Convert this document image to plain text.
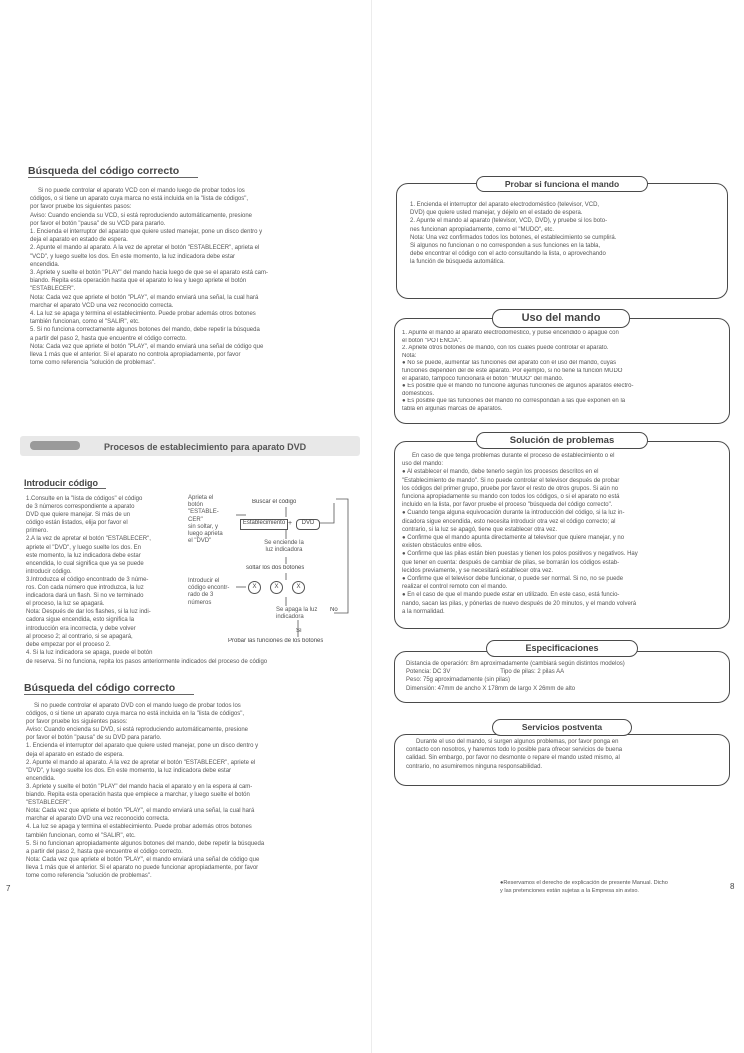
Búsqueda del código correcto
Si no puede controlar el aparato VCD con el mando luego de probar todos los
códigos, o si tiene un aparato cuya marca no está incluida en la "lista de códigos",
por favor pruebe los siguientes pasos:
Aviso: Cuando encienda su VCD, si está reproduciendo automáticamente, presione
por favor el botón "pausa" de su VCD para pararlo.
1. Encienda el interruptor del aparato que quiere usted manejar, pone un disco dentro y
deja el aparato en estado de espera.
2. Apunte el mando al aparato. A la vez de apretar el botón "ESTABLECER", aprieta el
"VCD", y luego suelte los dos. En este momento, la luz indicadora debe estar
encendida.
3. Apriete y suelte el botón "PLAY" del mando hacia luego de que se el aparato está cam-
biando. Repita esta operación hasta que el aparato lo lea y luego apriete el botón
"ESTABLECER".
Nota: Cada vez que apriete el botón "PLAY", el mando enviará una señal, la cual hará
marchar el aparato VCD una vez reconocido correcta.
4. La luz se apaga y termina el establecimiento. Puede probar además otros botones
también funcionan, como el "SALIR", etc.
5. Si no funciona correctamente algunos botones del mando, debe repetir la búsqueda
a partir del paso 2, hasta que encuentre el código correcto.
Nota: Cada vez que apriete el botón "PLAY", el mando enviará una señal de código que
lleva 1 más que el anterior. Si el aparato no controla apropiadamente, por favor
tome como referencia "solución de problemas".
Procesos de establecimiento para aparato DVD
Introducir código
1.Consulte en la "lista de códigos" el código
de 3 números correspondiente a aparato
DVD que quiere manejar. Si más de un
código están listados, elija por favor el
primero.
2.A la vez de apretar el botón "ESTABLECER",
apriete el "DVD", y luego suelte los dos. En
este momento, la luz indicadora debe estar
encendida, lo cual significa que ya se puede
introducir código.
3.Introduzca el código encontrado de 3 núme-
ros. Con cada número que introduzca, la luz
indicadora dará un flash. Si no ve terminado
el proceso, la luz se apagará.
Nota: Después de dar los flashes, si la luz indi-
cadora sigue encendida, esto significa la
introducción era incorrecta, y debe volver
al proceso 2; al contrario, si se apagará,
debe empezar por el proceso 2.
4. Si la luz indicadora se apaga, puede el botón
de reserva. Si no funciona, repita los pasos anteriormente indicados del proceso de código
Aprieta el
botón
"ESTABLE-
CER"
sin soltar, y
luego aprieta
el "DVD"
Introducir el
código encontr-
rado de 3
números
Buscar el código
Establecimiento +	DVD
Se enciende la
luz indicadora
soltar los dos botones
X	X	X
Se apaga la luz
indicadora
No
Sí
Probar las funciones de los botones
Búsqueda del código correcto
Si no puede controlar el aparato DVD con el mando luego de probar todos los
códigos, o si tiene un aparato cuya marca no está incluida en la "lista de códigos",
por favor pruebe los siguientes pasos:
Aviso: Cuando encienda su DVD, si está reproduciendo automáticamente, presione
por favor el botón "pausa" de su DVD para pararlo.
1. Encienda el interruptor del aparato que quiere usted manejar, pone un disco dentro y
deja el aparato en estado de espera.
2. Apunte el mando al aparato. A la vez de apretar el botón "ESTABLECER", apriete el
"DVD", y luego suelte los dos. En este momento, la luz indicadora debe estar
encendida.
3. Apriete y suelte el botón "PLAY" del mando hacia el aparato y en la espera al cam-
biando. Repita esta operación hasta que empiece a marchar, y luego suelte el botón
"ESTABLECER".
Nota: Cada vez que apriete el botón "PLAY", el mando enviará una señal, la cual hará
marchar el aparato DVD una vez reconocido correcta.
4. La luz se apaga y termina el establecimiento. Puede probar además otros botones
también funcionan, como el "SALIR", etc.
5. Si no funcionan apropiadamente algunos botones del mando, debe repetir la búsqueda
a partir del paso 2, hasta que encuentre el código correcto.
Nota: Cada vez que apriete el botón "PLAY", el mando enviará una señal de código que
lleva 1 más que el anterior. Si el aparato no puede funcionar apropiadamente, por favor
tome como referencia "solución de problemas".
7
Probar si funciona el mando
1. Encienda el interruptor del aparato electrodoméstico (televisor, VCD,
DVD) que quiere usted manejar, y déjelo en el estado de espera.
2. Apunte el mando al aparato (televisor, VCD, DVD), y pruebe si los boto-
nes funcionan apropiadamente, como el "MUDO", etc.
Nota: Una vez confirmados todos los botones, el establecimiento se cumplirá.
Si algunos no funcionan o no corresponden a sus funciones en la tabla,
debe encontrar el código con el acto consultando la lista, o aprovechando
la función de búsqueda automática.
Uso del mando
1. Apunte el mando al aparato electrodoméstico, y pulse encendido o apague con
el botón "POTENCIA".
2. Apriete otros botones de mando, con los cuales puede controlar el aparato.
Nota:
● No se puede, aumentar las funciones del aparato con el uso del mando, cuyas
funciones dependen del de este aparato. Por ejemplo, si no tiene la función MUDO
el aparato, tampoco funcionará el botón "MUDO" del mando.
● Es posible que el mando no funcione algunas funciones de algunos aparatos electró-
domésticos.
● Es posible que las funciones del mando no correspondan a las que exponen en la
tabla en algunas marcas de aparatos.
Solución de problemas
En caso de que tenga problemas durante el proceso de establecimiento o el
uso del mando:
● Al establecer el mando, debe tenerlo según los procesos descritos en el
"Establecimiento de mando". Si no puede controlar el televisor después de probar
los códigos del primer grupo, pruebe por favor el resto de otros grupos. Si aún no
funciona apropiadamente su mando con todos los códigos, o si el aparato no está
incluido en la lista, por favor pruebe el proceso "búsqueda del código correcto".
● Cuando tenga alguna equivocación durante la introducción del código, si la luz in-
dicadora sigue encendida, esto necesita introducir otra vez el código correcto; al
contrario, si la luz se apagó, tiene que establecer otra vez.
● Confirme que el mando apunta directamente al televisor que quiere manejar, y no
existen obstáculos entre ellos.
● Confirme que las pilas están bien puestas y tienen los polos positivos y negativos. Hay
que tener en cuenta: después de cambiar de pilas, se borrarán los códigos estab-
lecidos previamente, y se necesitará establecer otra vez.
● Confirme que el televisor debe funcionar, o puede ser normal. Si no, no se puede
realizar el control remoto con el mando.
● En el caso de que el mando puede estar en utilizado. En este caso, está funcio-
nando, sacan las pilas, y pónerlas de nuevo después de 20 minutos, y el mando volverá
a la normalidad.
Especificaciones
Distancia de operación: 8m aproximadamente (cambiará según distintos modelos)
Potencia: DC 3V                              Tipo de pilas: 2 pilas AA
Peso: 75g aproximadamente (sin pilas)
Dimensión: 47mm de ancho X 178mm de largo X 26mm de alto
Servicios postventa
Durante el uso del mando, si surgen algunos problemas, por favor ponga en
contacto con nosotros, y haremos todo lo posible para ofrecer servicios de buena
calidad. Sin embargo, por favor no desmonte o repare el mando usted mismo, al
contrario, no asumiremos ninguna responsabilidad.
●Reservamos el derecho de explicación de presente Manual. Dicho
y las pretenciones están sujetas a la Empresa sin aviso.	8
